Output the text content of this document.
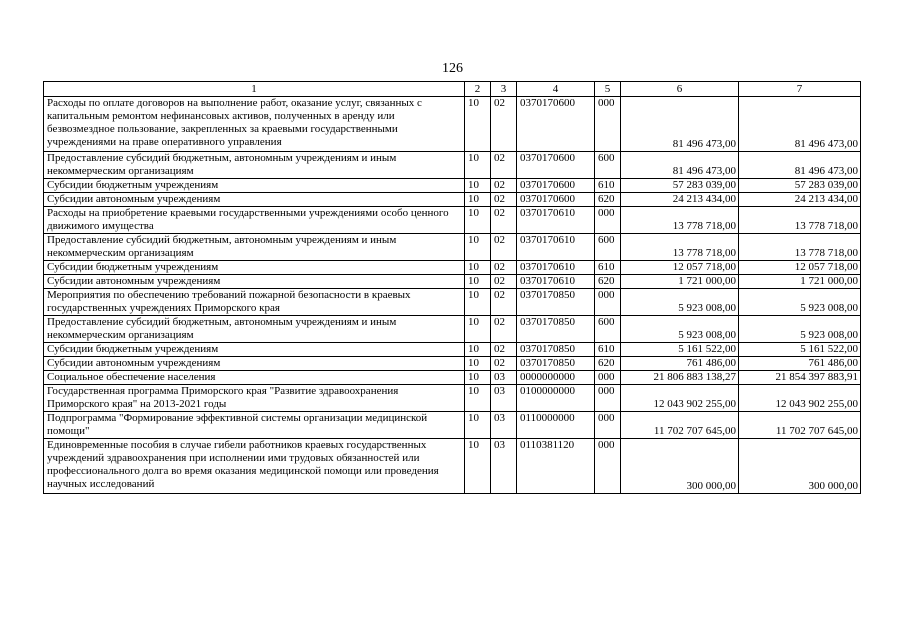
126
1	2	3	4	5	6	7
Расходы по оплате договоров на выполнение работ, оказание услуг, связанных с капитальным ремонтом нефинансовых активов, полученных в аренду или безвозмездное пользование, закрепленных за краевыми государственными учреждениями на праве оперативного управления	10	02	0370170600	000	81 496 473,00	81 496 473,00
Предоставление субсидий бюджетным, автономным учреждениям и иным некоммерческим организациям	10	02	0370170600	600	81 496 473,00	81 496 473,00
Субсидии бюджетным учреждениям	10	02	0370170600	610	57 283 039,00	57 283 039,00
Субсидии автономным учреждениям	10	02	0370170600	620	24 213 434,00	24 213 434,00
Расходы на приобретение краевыми государственными учреждениями особо ценного движимого имущества	10	02	0370170610	000	13 778 718,00	13 778 718,00
Предоставление субсидий бюджетным, автономным учреждениям и иным некоммерческим организациям	10	02	0370170610	600	13 778 718,00	13 778 718,00
Субсидии бюджетным учреждениям	10	02	0370170610	610	12 057 718,00	12 057 718,00
Субсидии автономным учреждениям	10	02	0370170610	620	1 721 000,00	1 721 000,00
Мероприятия по обеспечению требований пожарной безопасности в краевых государственных учреждениях Приморского края	10	02	0370170850	000	5 923 008,00	5 923 008,00
Предоставление субсидий бюджетным, автономным учреждениям и иным некоммерческим организациям	10	02	0370170850	600	5 923 008,00	5 923 008,00
Субсидии бюджетным учреждениям	10	02	0370170850	610	5 161 522,00	5 161 522,00
Субсидии автономным учреждениям	10	02	0370170850	620	761 486,00	761 486,00
Социальное обеспечение населения	10	03	0000000000	000	21 806 883 138,27	21 854 397 883,91
Государственная программа Приморского края "Развитие здравоохранения Приморского края" на 2013-2021 годы	10	03	0100000000	000	12 043 902 255,00	12 043 902 255,00
Подпрограмма "Формирование эффективной системы организации медицинской помощи"	10	03	0110000000	000	11 702 707 645,00	11 702 707 645,00
Единовременные пособия в случае гибели работников краевых государственных учреждений здравоохранения при исполнении ими трудовых обязанностей или профессионального долга во время оказания медицинской помощи или проведения научных исследований	10	03	0110381120	000	300 000,00	300 000,00
